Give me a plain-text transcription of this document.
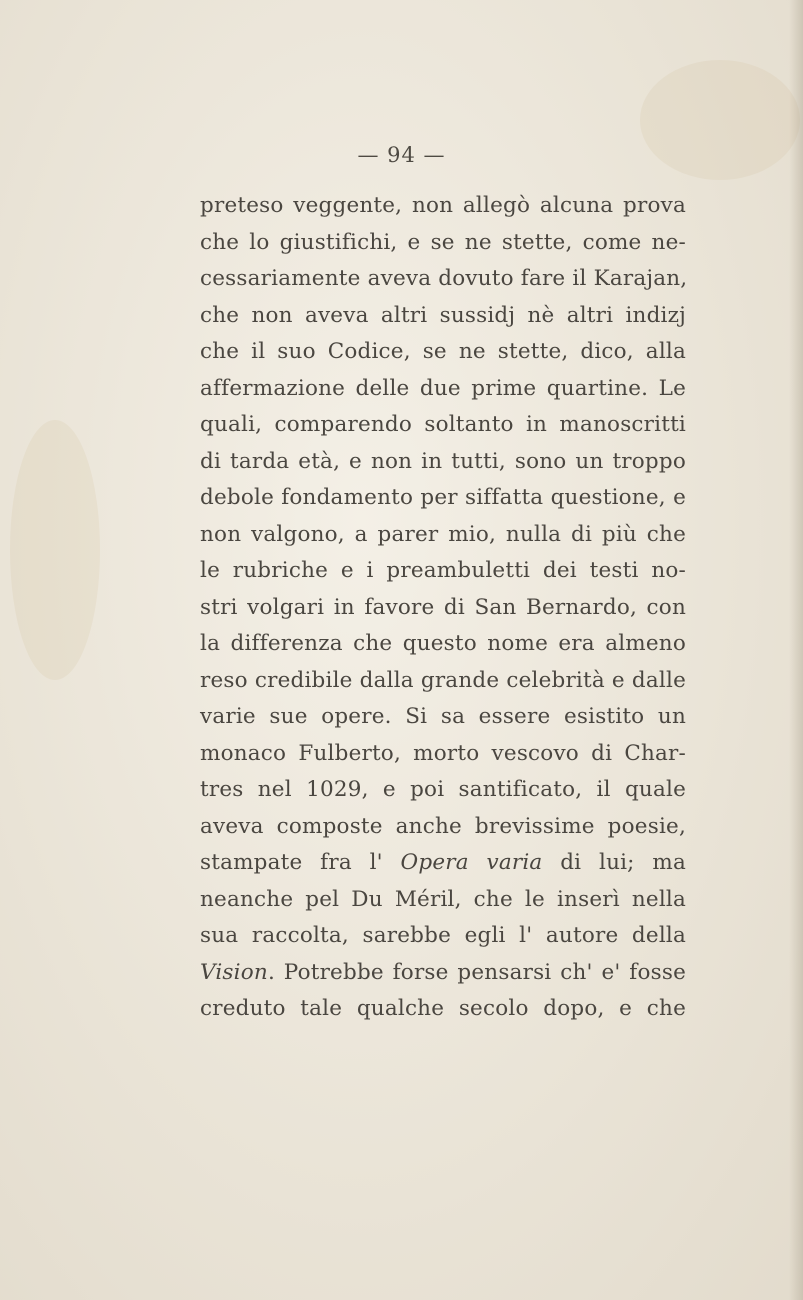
— 94 —
preteso veggente, non allegò alcuna prova
che lo giustifichi, e se ne stette, come ne-
cessariamente aveva dovuto fare il Karajan,
che non aveva altri sussidj nè altri indizj
che il suo Codice, se ne stette, dico, alla
affermazione delle due prime quartine. Le
quali, comparendo soltanto in manoscritti
di tarda età, e non in tutti, sono un troppo
debole fondamento per siffatta questione, e
non valgono, a parer mio, nulla di più che
le rubriche e i preambuletti dei testi no-
stri volgari in favore di San Bernardo, con
la differenza che questo nome era almeno
reso credibile dalla grande celebrità e dalle
varie sue opere. Si sa essere esistito un
monaco Fulberto, morto vescovo di Char-
tres nel 1029, e poi santificato, il quale
aveva composte anche brevissime poesie,
stampate fra l' Opera varia di lui; ma
neanche pel Du Méril, che le inserì nella
sua raccolta, sarebbe egli l' autore della
Vision. Potrebbe forse pensarsi ch' e' fosse
creduto tale qualche secolo dopo, e che
